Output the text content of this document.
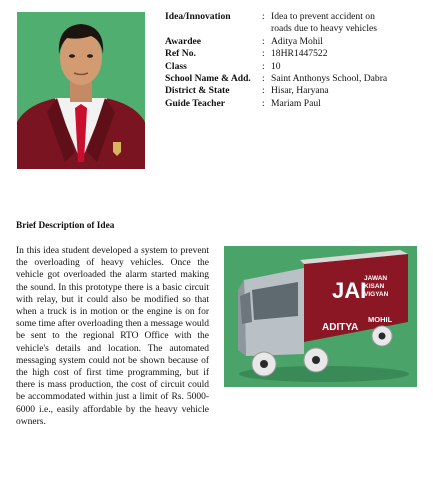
Idea/Innovation	: Idea to prevent accident on
roads due to heavy vehicles
Awardee	: Aditya Mohil
Ref No.	: 18HR1447522
Class	: 10
School Name & Add.	: Saint Anthonys School, Dabra
District & State	: Hisar, Haryana
Guide Teacher	: Mariam Paul
Brief Description of Idea

In this idea student developed a system to prevent the overloading of heavy vehicles. Once the vehicle got overloaded the alarm started making the sound. In this prototype there is a basic circuit with relay, but it could also be modified so that when a truck is in motion or the engine is on for some time after overloading then a message would be sent to the regional RTO Office with the vehicle's details and location. The automated messaging system could not be shown because of the high cost of first time programming, but if there is mass production, the cost of circuit could be accommodated within just a limit of Rs. 5000-6000 i.e., easily affordable by the heavy vehicle owners.

JAI
JAWAN
KISAN
VIGYAN
ADITYA
MOHIL
